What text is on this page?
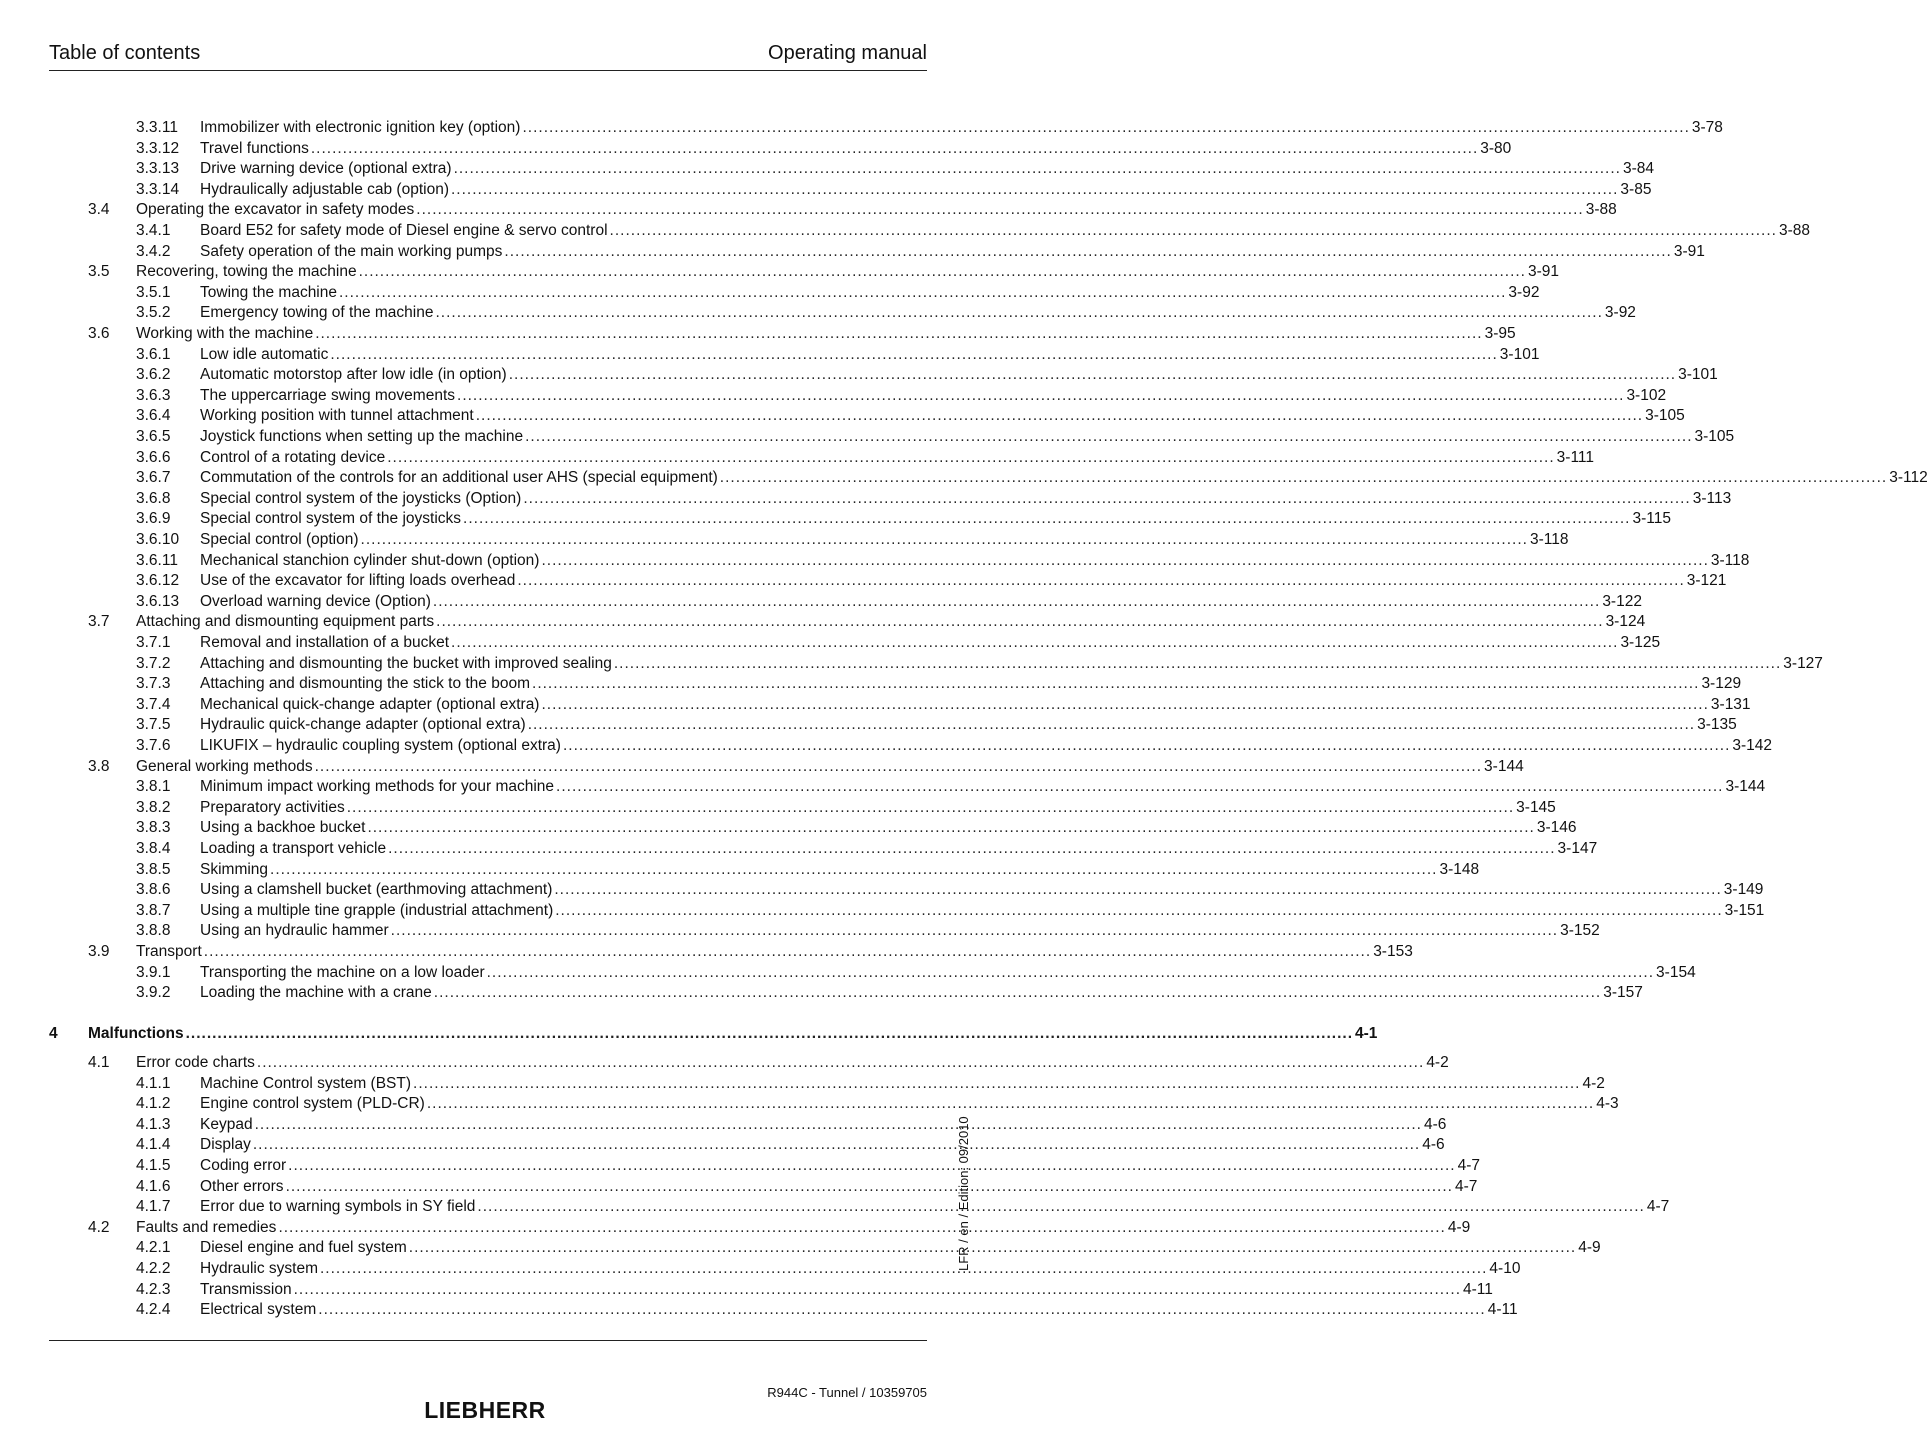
Table of contents	Operating manual
3.3.11 Immobilizer with electronic ignition key (option) ............................................................................................................................................................................................................................ 3-78
3.3.12 Travel functions ............................................................................................................................................................................................................................ 3-80
3.3.13 Drive warning device (optional extra) ............................................................................................................................................................................................................................ 3-84
3.3.14 Hydraulically adjustable cab (option) ............................................................................................................................................................................................................................ 3-85
3.4 Operating the excavator in safety modes ............................................................................................................................................................................................................................ 3-88
3.4.1 Board E52 for safety mode of Diesel engine & servo control ............................................................................................................................................................................................................................ 3-88
3.4.2 Safety operation of the main working pumps ............................................................................................................................................................................................................................ 3-91
3.5 Recovering, towing the machine ............................................................................................................................................................................................................................ 3-91
3.5.1 Towing the machine ............................................................................................................................................................................................................................ 3-92
3.5.2 Emergency towing of the machine ............................................................................................................................................................................................................................ 3-92
3.6 Working with the machine ............................................................................................................................................................................................................................ 3-95
3.6.1 Low idle automatic ............................................................................................................................................................................................................................ 3-101
3.6.2 Automatic motorstop after low idle (in option) ............................................................................................................................................................................................................................ 3-101
3.6.3 The uppercarriage swing movements ............................................................................................................................................................................................................................ 3-102
3.6.4 Working position with tunnel attachment ............................................................................................................................................................................................................................ 3-105
3.6.5 Joystick functions when setting up the machine ............................................................................................................................................................................................................................ 3-105
3.6.6 Control of a rotating device ............................................................................................................................................................................................................................ 3-111
3.6.7 Commutation of the controls for an additional user AHS (special equipment) ............................................................................................................................................................................................................................ 3-112
3.6.8 Special control system of the joysticks (Option) ............................................................................................................................................................................................................................ 3-113
3.6.9 Special control system of the joysticks ............................................................................................................................................................................................................................ 3-115
3.6.10 Special control (option) ............................................................................................................................................................................................................................ 3-118
3.6.11 Mechanical stanchion cylinder shut-down (option) ............................................................................................................................................................................................................................ 3-118
3.6.12 Use of the excavator for lifting loads overhead ............................................................................................................................................................................................................................ 3-121
3.6.13 Overload warning device (Option) ............................................................................................................................................................................................................................ 3-122
3.7 Attaching and dismounting equipment parts ............................................................................................................................................................................................................................ 3-124
3.7.1 Removal and installation of a bucket ............................................................................................................................................................................................................................ 3-125
3.7.2 Attaching and dismounting the bucket with improved sealing ............................................................................................................................................................................................................................ 3-127
3.7.3 Attaching and dismounting the stick to the boom ............................................................................................................................................................................................................................ 3-129
3.7.4 Mechanical quick-change adapter (optional extra) ............................................................................................................................................................................................................................ 3-131
3.7.5 Hydraulic quick-change adapter (optional extra) ............................................................................................................................................................................................................................ 3-135
3.7.6 LIKUFIX – hydraulic coupling system (optional extra) ............................................................................................................................................................................................................................ 3-142
3.8 General working methods ............................................................................................................................................................................................................................ 3-144
3.8.1 Minimum impact working methods for your machine ............................................................................................................................................................................................................................ 3-144
3.8.2 Preparatory activities ............................................................................................................................................................................................................................ 3-145
3.8.3 Using a backhoe bucket ............................................................................................................................................................................................................................ 3-146
3.8.4 Loading a transport vehicle ............................................................................................................................................................................................................................ 3-147
3.8.5 Skimming ............................................................................................................................................................................................................................ 3-148
3.8.6 Using a clamshell bucket (earthmoving attachment) ............................................................................................................................................................................................................................ 3-149
3.8.7 Using a multiple tine grapple (industrial attachment) ............................................................................................................................................................................................................................ 3-151
3.8.8 Using an hydraulic hammer ............................................................................................................................................................................................................................ 3-152
3.9 Transport ............................................................................................................................................................................................................................ 3-153
3.9.1 Transporting the machine on a low loader ............................................................................................................................................................................................................................ 3-154
3.9.2 Loading the machine with a crane ............................................................................................................................................................................................................................ 3-157
4 Malfunctions ............................................................................................................................................................................................................................ 4-1
4.1 Error code charts ............................................................................................................................................................................................................................ 4-2
4.1.1 Machine Control system (BST) ............................................................................................................................................................................................................................ 4-2
4.1.2 Engine control system (PLD-CR) ............................................................................................................................................................................................................................ 4-3
4.1.3 Keypad ............................................................................................................................................................................................................................ 4-6
4.1.4 Display ............................................................................................................................................................................................................................ 4-6
4.1.5 Coding error ............................................................................................................................................................................................................................ 4-7
4.1.6 Other errors ............................................................................................................................................................................................................................ 4-7
4.1.7 Error due to warning symbols in SY field ............................................................................................................................................................................................................................ 4-7
4.2 Faults and remedies ............................................................................................................................................................................................................................ 4-9
4.2.1 Diesel engine and fuel system ............................................................................................................................................................................................................................ 4-9
4.2.2 Hydraulic system ............................................................................................................................................................................................................................ 4-10
4.2.3 Transmission ............................................................................................................................................................................................................................ 4-11
4.2.4 Electrical system ............................................................................................................................................................................................................................ 4-11
LFR / en / Edition: 09/2010
R944C - Tunnel / 10359705
LIEBHERR
